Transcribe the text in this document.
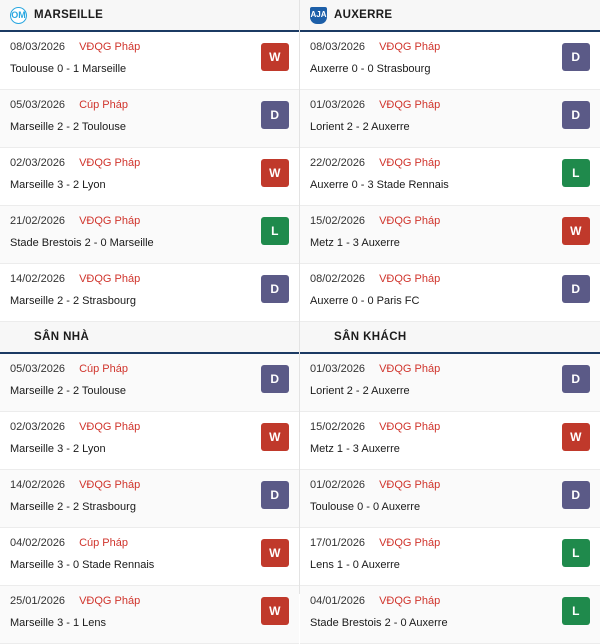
OM MARSEILLE
08/03/2026 VĐQG Pháp
Toulouse 0 - 1 Marseille
W
05/03/2026 Cúp Pháp
Marseille 2 - 2 Toulouse
D
02/03/2026 VĐQG Pháp
Marseille 3 - 2 Lyon
W
21/02/2026 VĐQG Pháp
Stade Brestois 2 - 0 Marseille
L
14/02/2026 VĐQG Pháp
Marseille 2 - 2 Strasbourg
D
SÂN NHÀ
05/03/2026 Cúp Pháp
Marseille 2 - 2 Toulouse
D
02/03/2026 VĐQG Pháp
Marseille 3 - 2 Lyon
W
14/02/2026 VĐQG Pháp
Marseille 2 - 2 Strasbourg
D
04/02/2026 Cúp Pháp
Marseille 3 - 0 Stade Rennais
W
25/01/2026 VĐQG Pháp
Marseille 3 - 1 Lens
W
AJA AUXERRE
08/03/2026 VĐQG Pháp
Auxerre 0 - 0 Strasbourg
D
01/03/2026 VĐQG Pháp
Lorient 2 - 2 Auxerre
D
22/02/2026 VĐQG Pháp
Auxerre 0 - 3 Stade Rennais
L
15/02/2026 VĐQG Pháp
Metz 1 - 3 Auxerre
W
08/02/2026 VĐQG Pháp
Auxerre 0 - 0 Paris FC
D
SÂN KHÁCH
01/03/2026 VĐQG Pháp
Lorient 2 - 2 Auxerre
D
15/02/2026 VĐQG Pháp
Metz 1 - 3 Auxerre
W
01/02/2026 VĐQG Pháp
Toulouse 0 - 0 Auxerre
D
17/01/2026 VĐQG Pháp
Lens 1 - 0 Auxerre
L
04/01/2026 VĐQG Pháp
Stade Brestois 2 - 0 Auxerre
L
